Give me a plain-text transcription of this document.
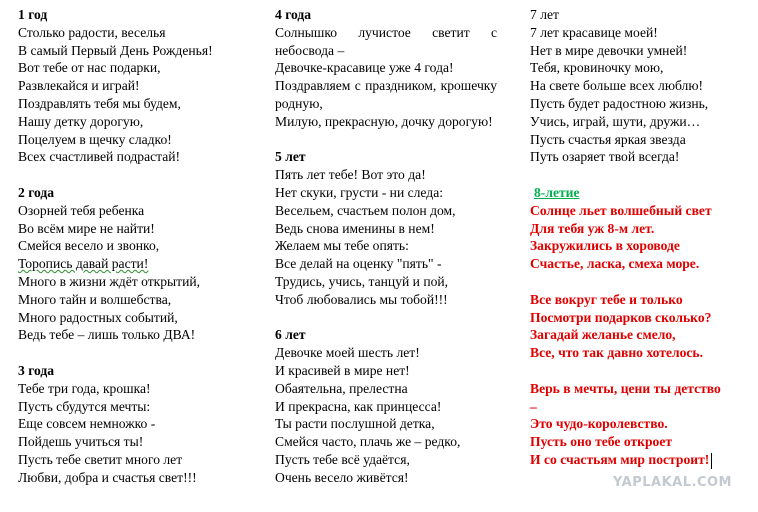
1 год
Столько радости, веселья
В самый Первый День Рожденья!
Вот тебе от нас подарки,
Развлекайся и играй!
Поздравлять тебя мы будем,
Нашу детку дорогую,
Поцелуем в щечку сладко!
Всех счастливей подрастай!
2 года
Озорней тебя ребенка
Во всём мире не найти!
Смейся весело и звонко,
Торопись давай расти!
Много в жизни ждёт открытий,
Много тайн и волшебства,
Много радостных событий,
Ведь тебе – лишь только ДВА!
3 года
Тебе три года, крошка!
Пусть сбудутся мечты:
Еще совсем немножко -
Пойдешь учиться ты!
Пусть тебе светит много лет
Любви, добра и счастья свет!!!
4 года
Солнышко лучистое светит с небосвода –
Девочке-красавице уже 4 года!
Поздравляем с праздником, крошечку родную,
Милую, прекрасную, дочку дорогую!
5 лет
Пять лет тебе! Вот это да!
Нет скуки, грусти - ни следа:
Весельем, счастьем полон дом,
Ведь снова именины в нем!
Желаем мы тебе опять:
Все делай на оценку "пять" -
Трудись, учись, танцуй и пой,
Чтоб любовались мы тобой!!!
6 лет
Девочке моей шесть лет!
И красивей в мире нет!
Обаятельна, прелестна
И прекрасна, как принцесса!
Ты расти послушной детка,
Смейся часто, плачь же – редко,
Пусть тебе всё удаётся,
Очень весело живётся!
7 лет
7 лет красавице моей!
Нет в мире девочки умней!
Тебя, кровиночку мою,
На свете больше всех люблю!
Пусть будет радостною жизнь,
Учись, играй, шути, дружи…
Пусть счастья яркая звезда
Путь озаряет твой всегда!
8-летие
Солнце льет волшебный свет
Для тебя уж 8-м лет.
Закружились в хороводе
Счастье, ласка, смеха море.
Все вокруг тебе и только
Посмотри подарков сколько?
Загадай желанье смело,
Все, что так давно хотелось.
Верь в мечты, цени ты детство
–
Это чудо-королевство.
Пусть оно тебе откроет
И со счастьям мир построит!
YAPLAKAL.COM
